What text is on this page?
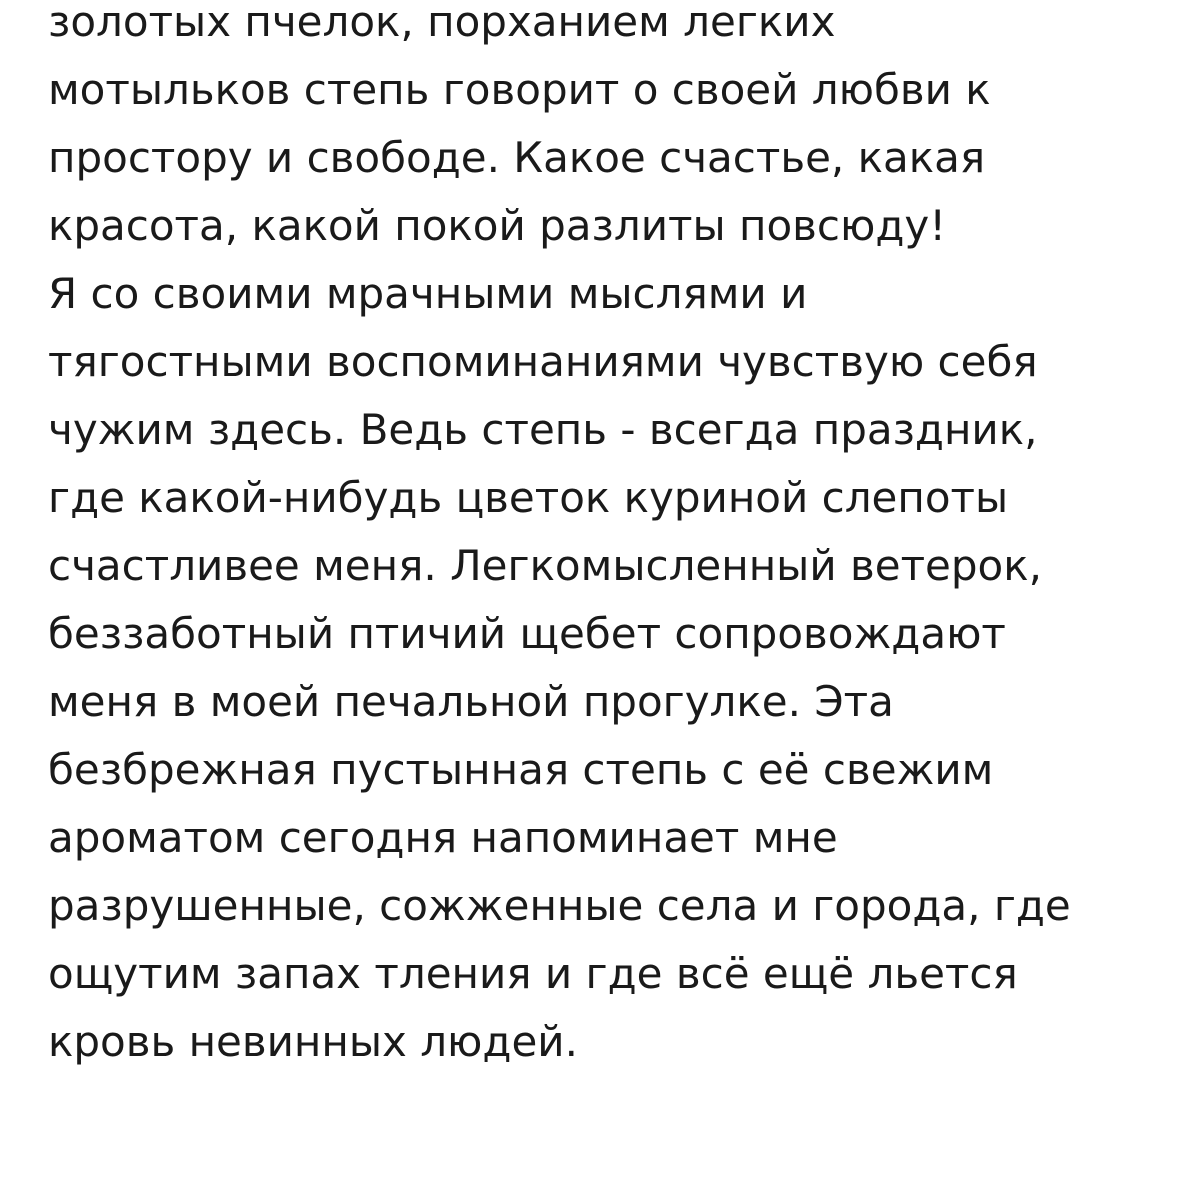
золотых пчелок, порханием легких
мотыльков степь говорит о своей любви к
простору и свободе. Какое счастье, какая
красота, какой покой разлиты повсюду!
Я со своими мрачными мыслями и
тягостными воспоминаниями чувствую себя
чужим здесь. Ведь степь - всегда праздник,
где какой-нибудь цветок куриной слепоты
счастливее меня. Легкомысленный ветерок,
беззаботный птичий щебет сопровождают
меня в моей печальной прогулке. Эта
безбрежная пустынная степь с её свежим
ароматом сегодня напоминает мне
разрушенные, сожженные села и города, где
ощутим запах тления и где всё ещё льется
кровь невинных людей.
